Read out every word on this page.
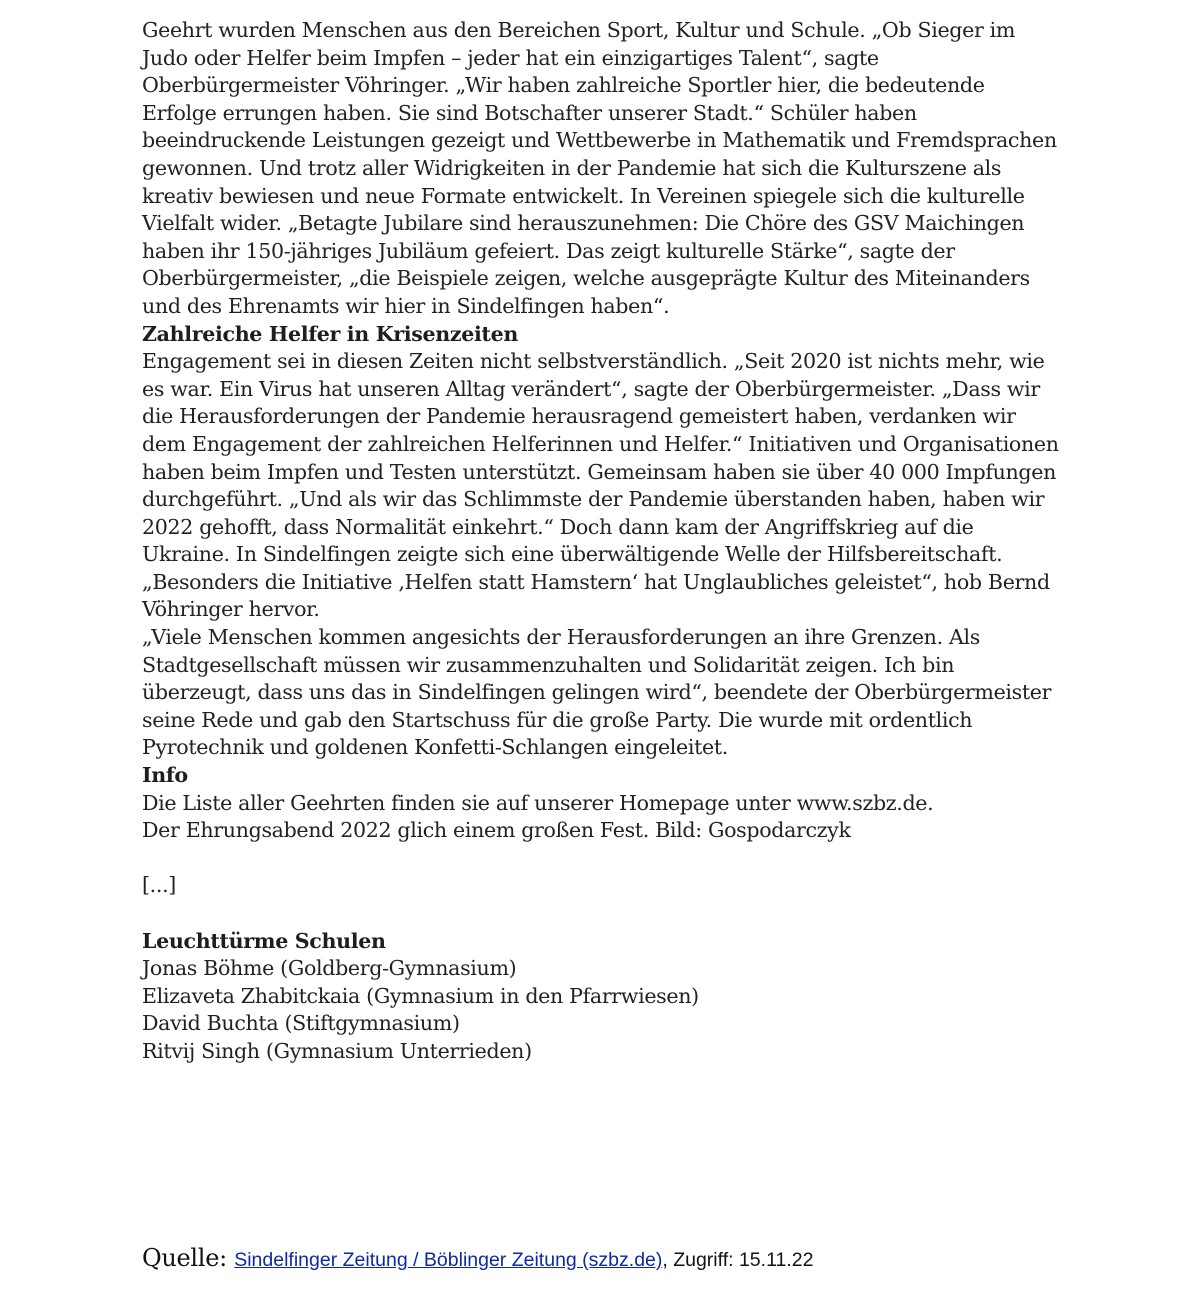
Geehrt wurden Menschen aus den Bereichen Sport, Kultur und Schule. „Ob Sieger im Judo oder Helfer beim Impfen – jeder hat ein einzigartiges Talent“, sagte Oberbürgermeister Vöhringer. „Wir haben zahlreiche Sportler hier, die bedeutende Erfolge errungen haben. Sie sind Botschafter unserer Stadt.“ Schüler haben beeindruckende Leistungen gezeigt und Wettbewerbe in Mathematik und Fremdsprachen gewonnen. Und trotz aller Widrigkeiten in der Pandemie hat sich die Kulturszene als kreativ bewiesen und neue Formate entwickelt. In Vereinen spiegele sich die kulturelle Vielfalt wider. „Betagte Jubilare sind herauszunehmen: Die Chöre des GSV Maichingen haben ihr 150-jähriges Jubiläum gefeiert. Das zeigt kulturelle Stärke“, sagte der Oberbürgermeister, „die Beispiele zeigen, welche ausgeprägte Kultur des Miteinanders und des Ehrenamts wir hier in Sindelfingen haben“.

Zahlreiche Helfer in Krisenzeiten

Engagement sei in diesen Zeiten nicht selbstverständlich. „Seit 2020 ist nichts mehr, wie es war. Ein Virus hat unseren Alltag verändert“, sagte der Oberbürgermeister. „Dass wir die Herausforderungen der Pandemie herausragend gemeistert haben, verdanken wir dem Engagement der zahlreichen Helferinnen und Helfer.“ Initiativen und Organisationen haben beim Impfen und Testen unterstützt. Gemeinsam haben sie über 40 000 Impfungen durchgeführt. „Und als wir das Schlimmste der Pandemie überstanden haben, haben wir 2022 gehofft, dass Normalität einkehrt.“ Doch dann kam der Angriffskrieg auf die Ukraine. In Sindelfingen zeigte sich eine überwältigende Welle der Hilfsbereitschaft.

„Besonders die Initiative ‚Helfen statt Hamstern‘ hat Unglaubliches geleistet“, hob Bernd Vöhringer hervor.

„Viele Menschen kommen angesichts der Herausforderungen an ihre Grenzen. Als Stadtgesellschaft müssen wir zusammenzuhalten und Solidarität zeigen. Ich bin überzeugt, dass uns das in Sindelfingen gelingen wird“, beendete der Oberbürgermeister seine Rede und gab den Startschuss für die große Party. Die wurde mit ordentlich Pyrotechnik und goldenen Konfetti-Schlangen eingeleitet.

Info

Die Liste aller Geehrten finden sie auf unserer Homepage unter www.szbz.de.

Der Ehrungsabend 2022 glich einem großen Fest. Bild: Gospodarczyk

[...]

Leuchttürme Schulen

Jonas Böhme (Goldberg-Gymnasium)

Elizaveta Zhabitckaia (Gymnasium in den Pfarrwiesen)

David Buchta (Stiftgymnasium)

Ritvij Singh (Gymnasium Unterrieden)

Quelle: Sindelfinger Zeitung / Böblinger Zeitung (szbz.de), Zugriff: 15.11.22
